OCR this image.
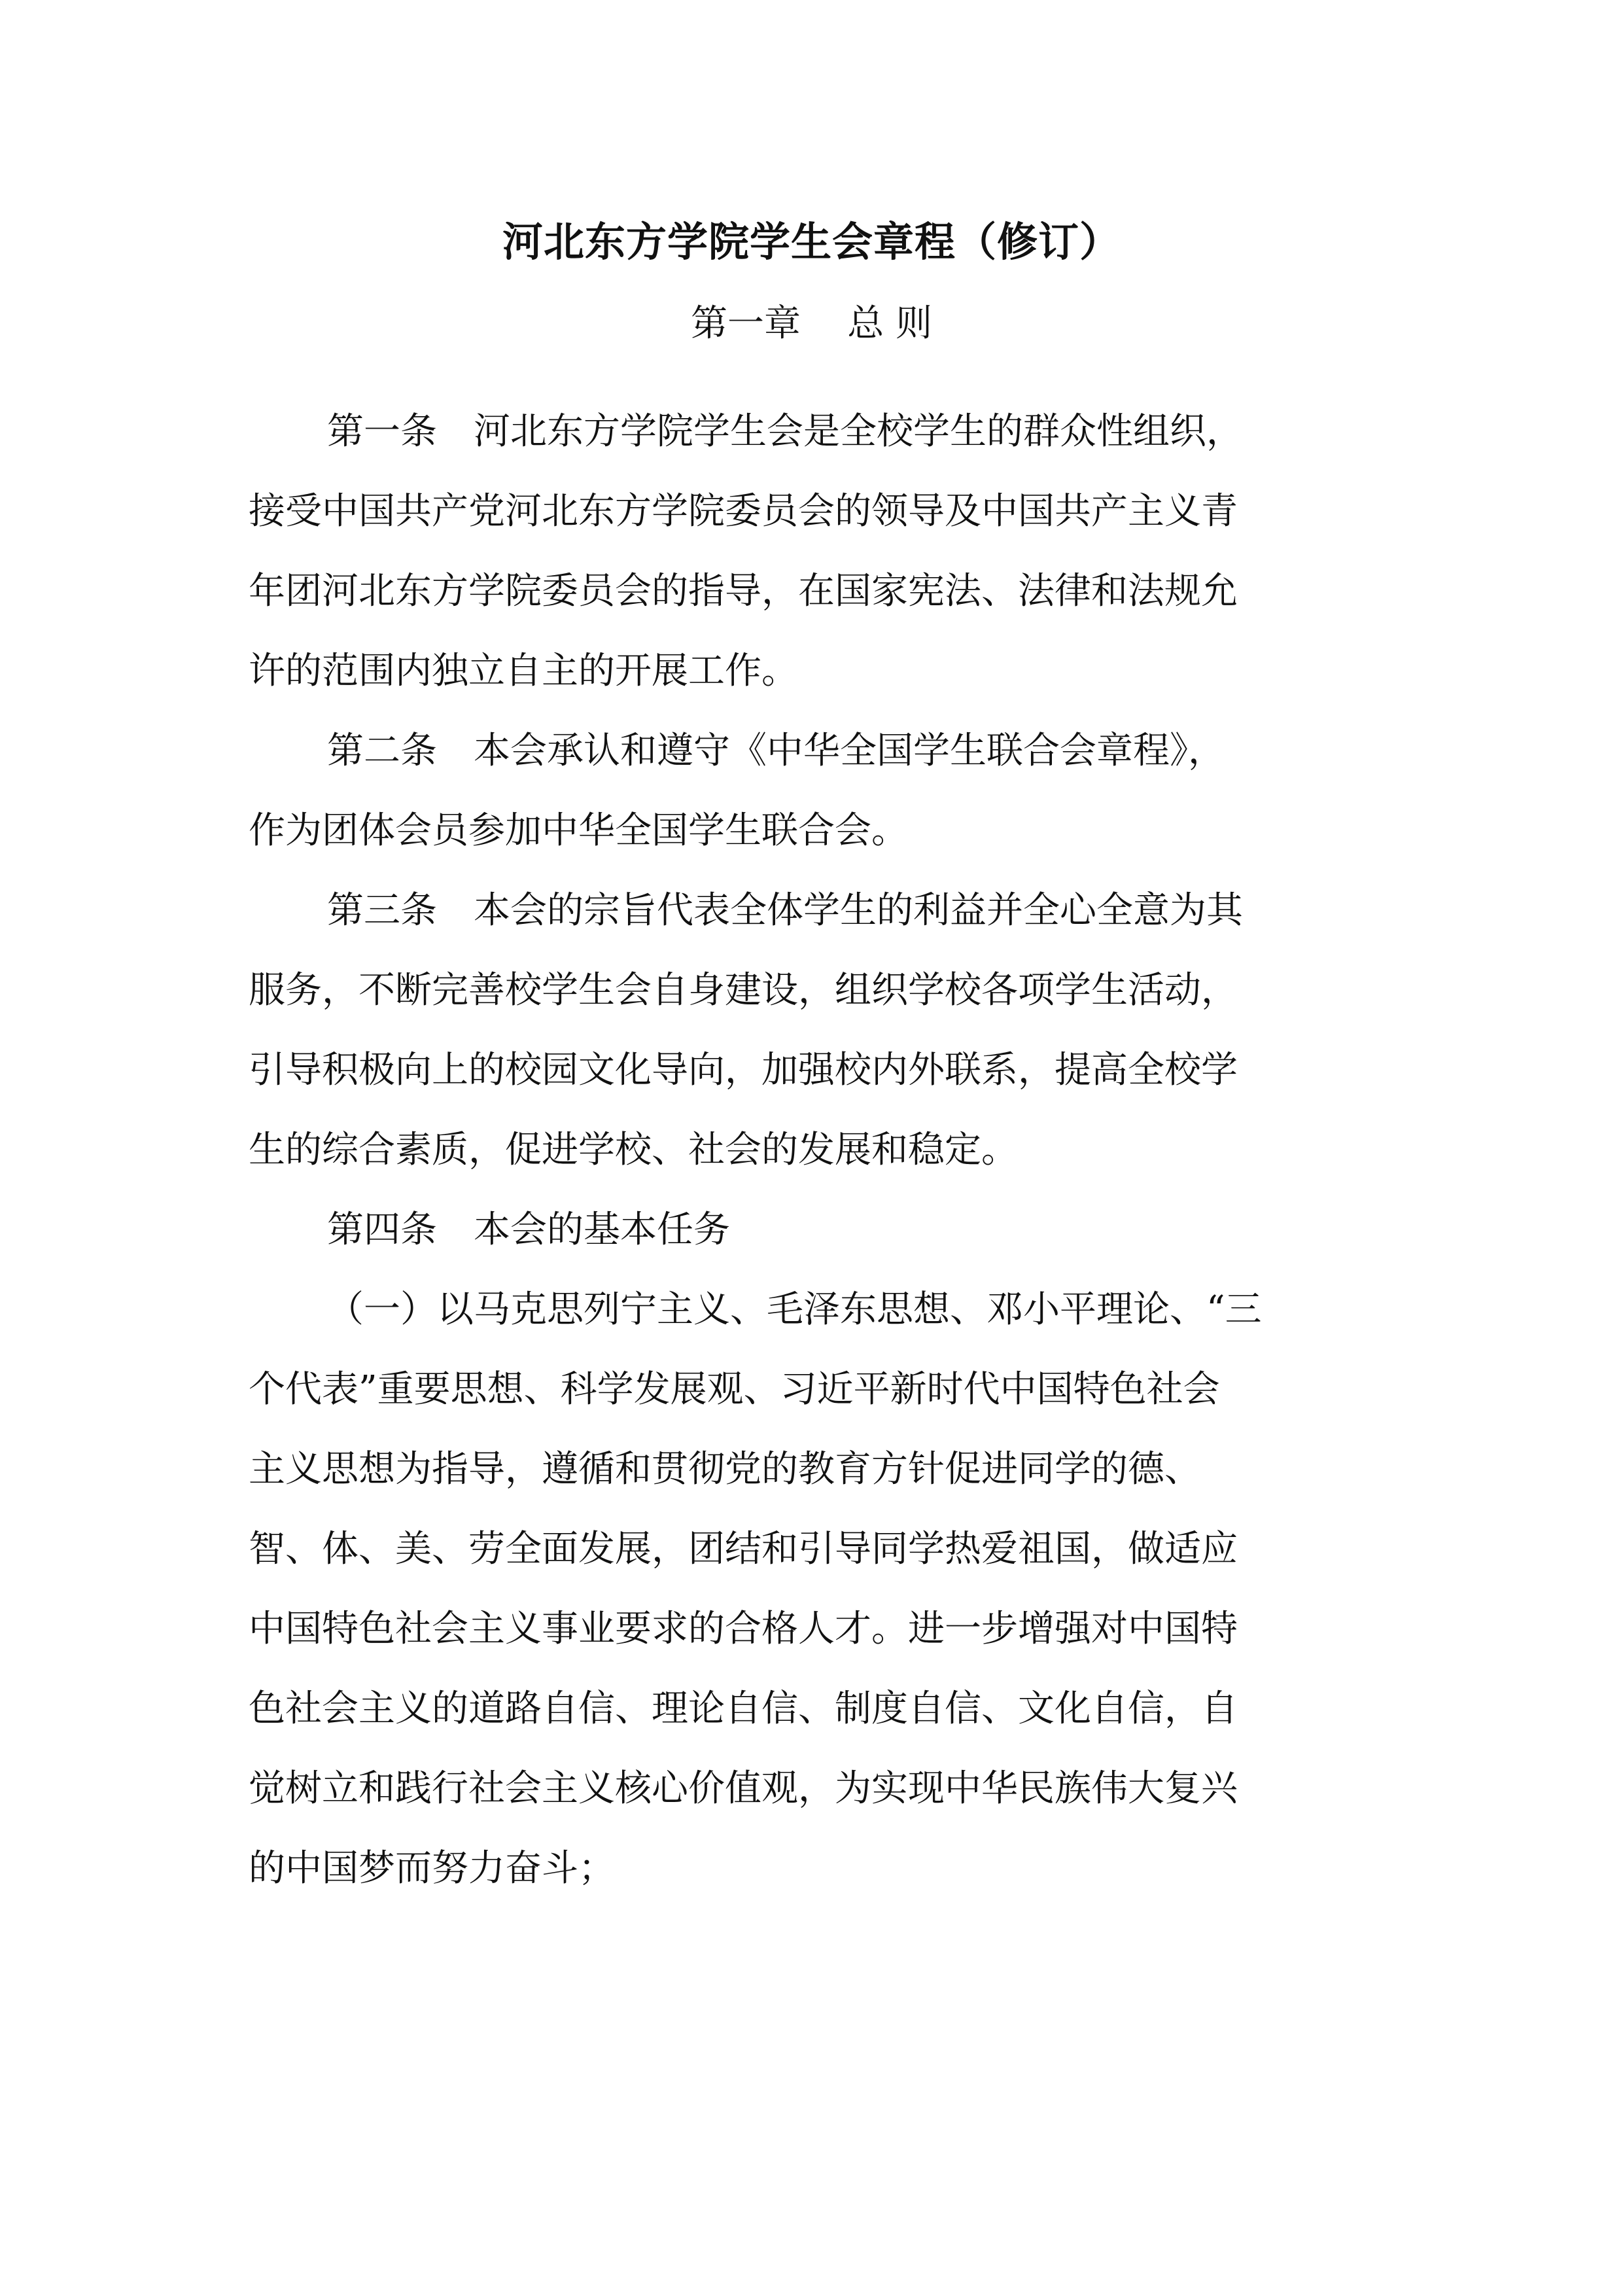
河北东方学院学生会章程（修订）
第一章    总 则
第一条　河北东方学院学生会是全校学生的群众性组织，
接受中国共产党河北东方学院委员会的领导及中国共产主义青
年团河北东方学院委员会的指导，在国家宪法、法律和法规允
许的范围内独立自主的开展工作。
第二条　本会承认和遵守《中华全国学生联合会章程》，
作为团体会员参加中华全国学生联合会。
第三条　本会的宗旨代表全体学生的利益并全心全意为其
服务，不断完善校学生会自身建设，组织学校各项学生活动，
引导积极向上的校园文化导向，加强校内外联系，提高全校学
生的综合素质，促进学校、社会的发展和稳定。
第四条　本会的基本任务
（一）以马克思列宁主义、毛泽东思想、邓小平理论、“三
个代表”重要思想、科学发展观、习近平新时代中国特色社会
主义思想为指导，遵循和贯彻党的教育方针促进同学的德、
智、体、美、劳全面发展，团结和引导同学热爱祖国，做适应
中国特色社会主义事业要求的合格人才。进一步增强对中国特
色社会主义的道路自信、理论自信、制度自信、文化自信，自
觉树立和践行社会主义核心价值观，为实现中华民族伟大复兴
的中国梦而努力奋斗；
